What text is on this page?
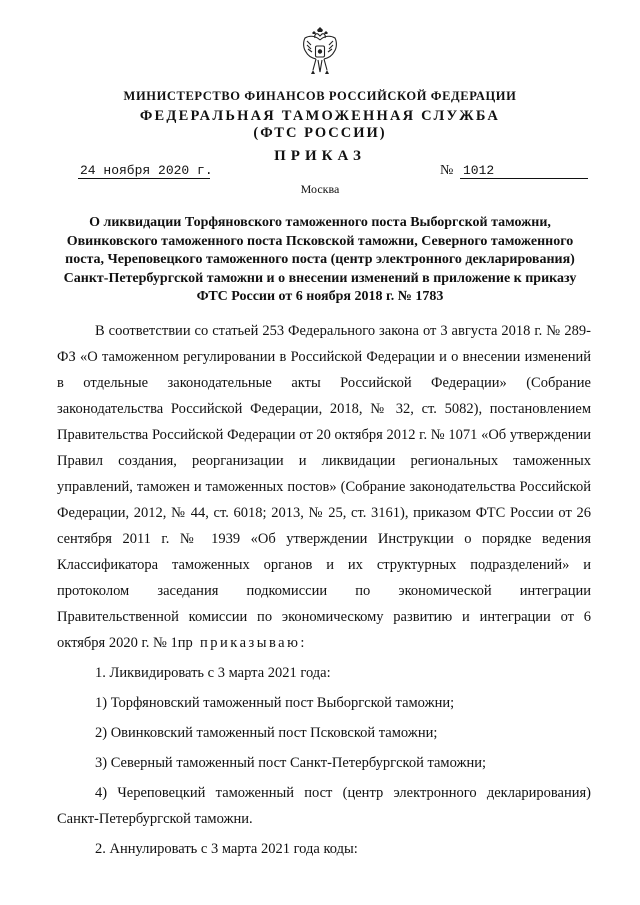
МИНИСТЕРСТВО ФИНАНСОВ РОССИЙСКОЙ ФЕДЕРАЦИИ
ФЕДЕРАЛЬНАЯ ТАМОЖЕННАЯ СЛУЖБА
(ФТС РОССИИ)
ПРИКАЗ
24 ноября 2020 г.	№ 1012
Москва
О ликвидации Торфяновского таможенного поста Выборгской таможни, Овинковского таможенного поста Псковской таможни, Северного таможенного поста, Череповецкого таможенного поста (центр электронного декларирования) Санкт-Петербургской таможни и о внесении изменений в приложение к приказу ФТС России от 6 ноября 2018 г. № 1783

В соответствии со статьей 253 Федерального закона от 3 августа 2018 г. № 289-ФЗ «О таможенном регулировании в Российской Федерации и о внесении изменений в отдельные законодательные акты Российской Федерации» (Собрание законодательства Российской Федерации, 2018, № 32, ст. 5082), постановлением Правительства Российской Федерации от 20 октября 2012 г. № 1071 «Об утверждении Правил создания, реорганизации и ликвидации региональных таможенных управлений, таможен и таможенных постов» (Собрание законодательства Российской Федерации, 2012, № 44, ст. 6018; 2013, № 25, ст. 3161), приказом ФТС России от 26 сентября 2011 г. № 1939 «Об утверждении Инструкции о порядке ведения Классификатора таможенных органов и их структурных подразделений» и протоколом заседания подкомиссии по экономической интеграции Правительственной комиссии по экономическому развитию и интеграции от 6 октября 2020 г. № 1пр приказываю:

1. Ликвидировать с 3 марта 2021 года:

1) Торфяновский таможенный пост Выборгской таможни;

2) Овинковский таможенный пост Псковской таможни;

3) Северный таможенный пост Санкт-Петербургской таможни;

4) Череповецкий таможенный пост (центр электронного декларирования) Санкт-Петербургской таможни.

2. Аннулировать с 3 марта 2021 года коды:
